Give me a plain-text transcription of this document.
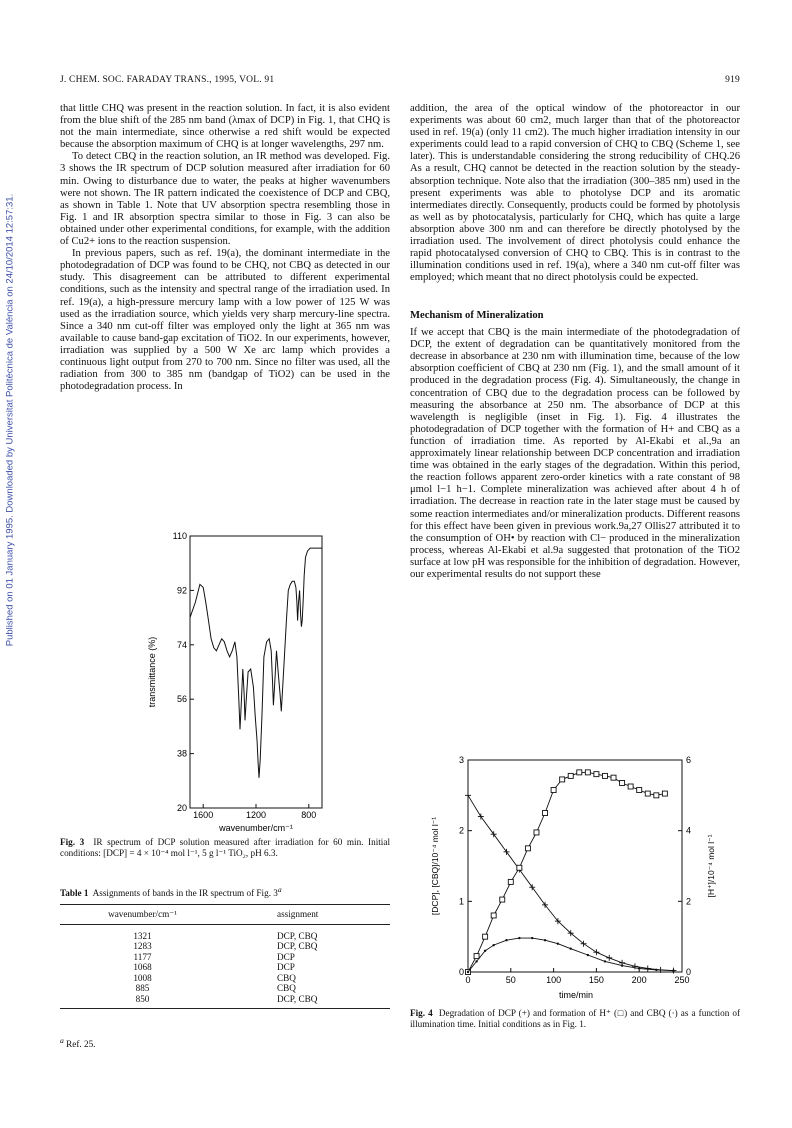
J. CHEM. SOC. FARADAY TRANS., 1995, VOL. 91	919
Published on 01 January 1995. Downloaded by Universitat Politècnica de València on 24/10/2014 12:57:31.

that little CHQ was present in the reaction solution. In fact, it is also evident from the blue shift of the 285 nm band (λmax of DCP) in Fig. 1, that CHQ is not the main intermediate, since otherwise a red shift would be expected because the absorption maximum of CHQ is at longer wavelengths, 297 nm.

To detect CBQ in the reaction solution, an IR method was developed. Fig. 3 shows the IR spectrum of DCP solution measured after irradiation for 60 min. Owing to disturbance due to water, the peaks at higher wavenumbers were not shown. The IR pattern indicated the coexistence of DCP and CBQ, as shown in Table 1. Note that UV absorption spectra resembling those in Fig. 1 and IR absorption spectra similar to those in Fig. 3 can also be obtained under other experimental conditions, for example, with the addition of Cu2+ ions to the reaction suspension.

In previous papers, such as ref. 19(a), the dominant intermediate in the photodegradation of DCP was found to be CHQ, not CBQ as detected in our study. This disagreement can be attributed to different experimental conditions, such as the intensity and spectral range of the irradiation used. In ref. 19(a), a high-pressure mercury lamp with a low power of 125 W was used as the irradiation source, which yields very sharp mercury-line spectra. Since a 340 nm cut-off filter was employed only the light at 365 nm was available to cause band-gap excitation of TiO2. In our experiments, however, irradiation was supplied by a 500 W Xe arc lamp which provides a continuous light output from 270 to 700 nm. Since no filter was used, all the radiation from 300 to 385 nm (bandgap of TiO2) can be used in the photodegradation process. In

addition, the area of the optical window of the photoreactor in our experiments was about 60 cm2, much larger than that of the photoreactor used in ref. 19(a) (only 11 cm2). The much higher irradiation intensity in our experiments could lead to a rapid conversion of CHQ to CBQ (Scheme 1, see later). This is understandable considering the strong reducibility of CHQ.26 As a result, CHQ cannot be detected in the reaction solution by the steady-absorption technique. Note also that the irradiation (300–385 nm) used in the present experiments was able to photolyse DCP and its aromatic intermediates directly. Consequently, products could be formed by photolysis as well as by photocatalysis, particularly for CHQ, which has quite a large absorption above 300 nm and can therefore be directly photolysed by the irradiation used. The involvement of direct photolysis could enhance the rapid photocatalysed conversion of CHQ to CBQ. This is in contrast to the illumination conditions used in ref. 19(a), where a 340 nm cut-off filter was employed; which meant that no direct photolysis could be expected.

Mechanism of Mineralization

If we accept that CBQ is the main intermediate of the photodegradation of DCP, the extent of degradation can be quantitatively monitored from the decrease in absorbance at 230 nm with illumination time, because of the low absorption coefficient of CBQ at 230 nm (Fig. 1), and the small amount of it produced in the degradation process (Fig. 4). Simultaneously, the change in concentration of CBQ due to the degradation process can be followed by measuring the absorbance at 250 nm. The absorbance of DCP at this wavelength is negligible (inset in Fig. 1). Fig. 4 illustrates the photodegradation of DCP together with the formation of H+ and CBQ as a function of irradiation time. As reported by Al-Ekabi et al.,9a an approximately linear relationship between DCP concentration and irradiation time was obtained in the early stages of the degradation. Within this period, the reaction follows apparent zero-order kinetics with a rate constant of 98 μmol l−1 h−1. Complete mineralization was achieved after about 4 h of irradiation. The decrease in reaction rate in the later stage must be caused by some reaction intermediates and/or mineralization products. Different reasons for this effect have been given in previous work.9a,27 Ollis27 attributed it to the consumption of OH• by reaction with Cl− produced in the mineralization process, whereas Al-Ekabi et al.9a suggested that protonation of the TiO2 surface at low pH was responsible for the inhibition of degradation. However, our experimental results do not support these

110
92
74
56
38
20
1600	1200	800
transmittance (%)
wavenumber/cm⁻¹
Fig. 3 IR spectrum of DCP solution measured after irradiation for 60 min. Initial conditions: [DCP] = 4 × 10⁻⁴ mol l⁻¹, 5 g l⁻¹ TiO₂, pH 6.3.
Table 1 Assignments of bands in the IR spectrum of Fig. 3$^a$
wavenumber/cm⁻¹	assignment
1321	DCP, CBQ
1283	DCP, CBQ
1177	DCP
1068	DCP
1008	CBQ
885	CBQ
850	DCP, CBQ
$^a$ Ref. 25.
0	50	100	150	200	250
0
1
2
3
0
2
4
6
[DCP], [CBQ]/10⁻⁴ mol l⁻¹	[H⁺]/10⁻⁴ mol l⁻¹
time/min
Fig. 4 Degradation of DCP (+) and formation of H⁺ (□) and CBQ (·) as a function of illumination time. Initial conditions as in Fig. 1.
